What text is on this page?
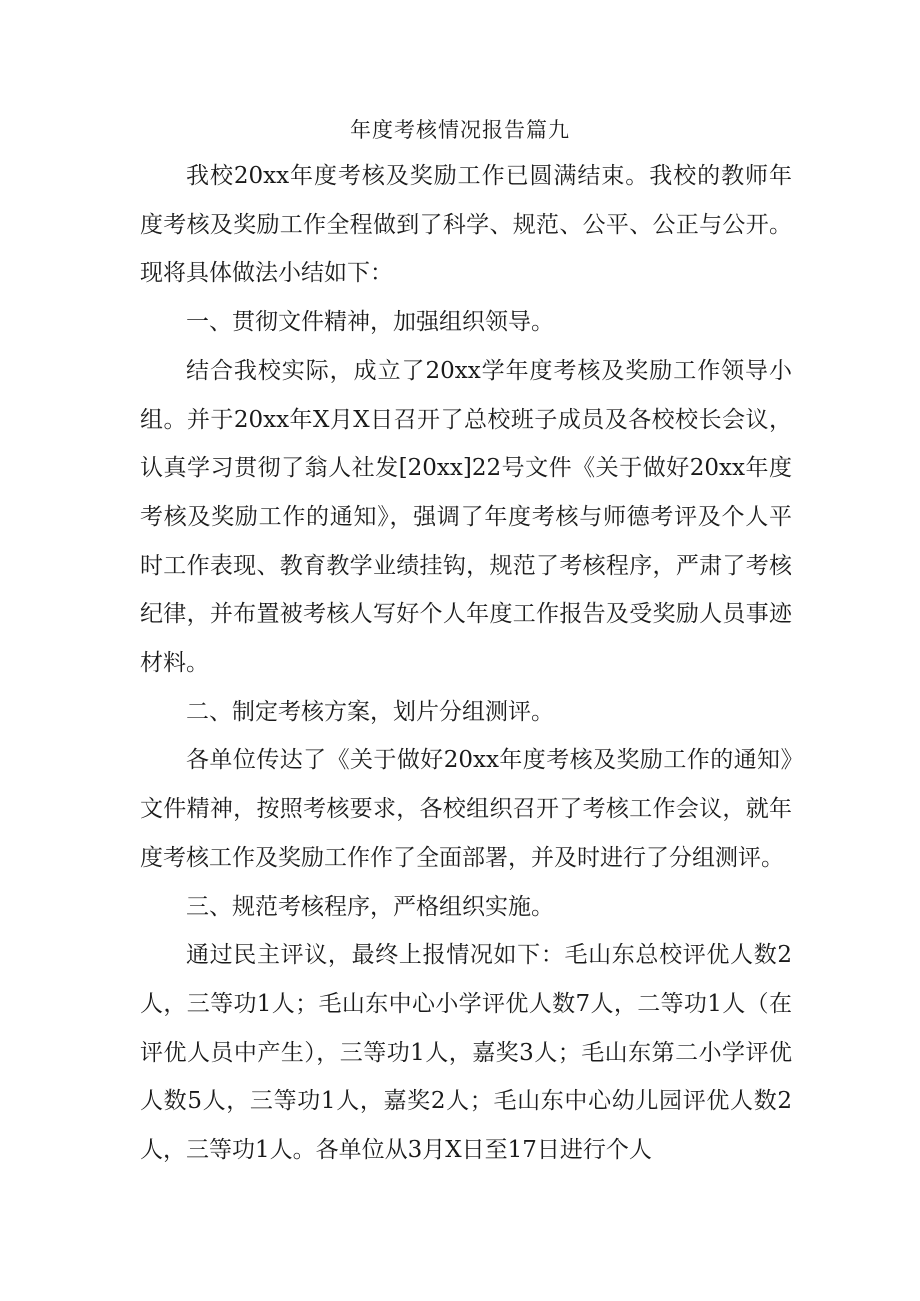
年度考核情况报告篇九

我校20xx年度考核及奖励工作已圆满结束。我校的教师年度考核及奖励工作全程做到了科学、规范、公平、公正与公开。现将具体做法小结如下：

一、贯彻文件精神，加强组织领导。

结合我校实际，成立了20xx学年度考核及奖励工作领导小组。并于20xx年X月X日召开了总校班子成员及各校校长会议，认真学习贯彻了翁人社发[20xx]22号文件《关于做好20xx年度考核及奖励工作的通知》，强调了年度考核与师德考评及个人平时工作表现、教育教学业绩挂钩，规范了考核程序，严肃了考核纪律，并布置被考核人写好个人年度工作报告及受奖励人员事迹材料。

二、制定考核方案，划片分组测评。

各单位传达了《关于做好20xx年度考核及奖励工作的通知》文件精神，按照考核要求，各校组织召开了考核工作会议，就年度考核工作及奖励工作作了全面部署，并及时进行了分组测评。

三、规范考核程序，严格组织实施。

通过民主评议，最终上报情况如下：毛山东总校评优人数2人，三等功1人；毛山东中心小学评优人数7人，二等功1人（在评优人员中产生），三等功1人，嘉奖3人；毛山东第二小学评优人数5人，三等功1人，嘉奖2人；毛山东中心幼儿园评优人数2人，三等功1人。各单位从3月X日至17日进行个人
